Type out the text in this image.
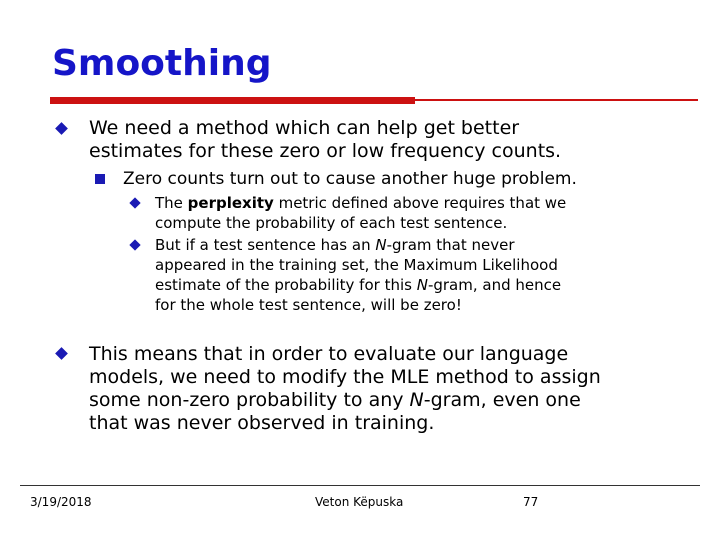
Smoothing

We need a method which can help get better
estimates for these zero or low frequency counts.

Zero counts turn out to cause another huge problem.

The perplexity metric defined above requires that we
compute the probability of each test sentence.

But if a test sentence has an N-gram that never
appeared in the training set, the Maximum Likelihood
estimate of the probability for this N-gram, and hence
for the whole test sentence, will be zero!

This means that in order to evaluate our language
models, we need to modify the MLE method to assign
some non-zero probability to any N-gram, even one
that was never observed in training.

3/19/2018	Veton Këpuska	77
